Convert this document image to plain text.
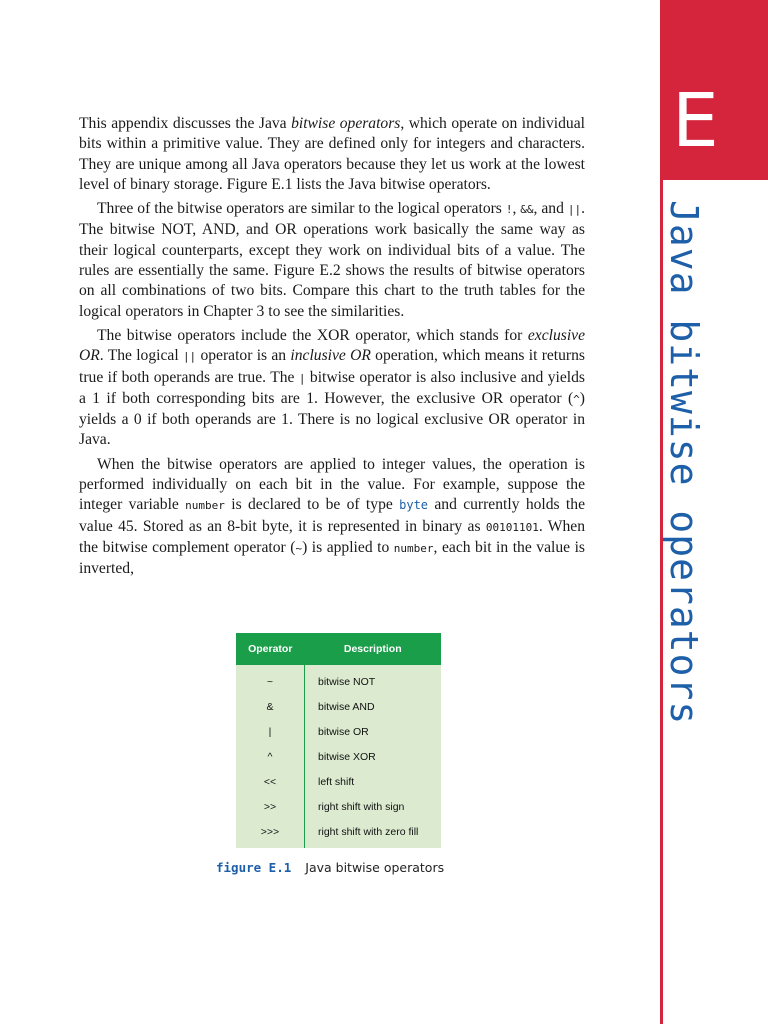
E
Java bitwise operators

This appendix discusses the Java bitwise operators, which operate on individual bits within a primitive value. They are defined only for integers and characters. They are unique among all Java operators because they let us work at the lowest level of binary storage. Figure E.1 lists the Java bitwise operators.

Three of the bitwise operators are similar to the logical operators !, &&, and ||. The bitwise NOT, AND, and OR operations work basically the same way as their logical counterparts, except they work on individual bits of a value. The rules are essentially the same. Figure E.2 shows the results of bitwise operators on all combinations of two bits. Compare this chart to the truth tables for the logical operators in Chapter 3 to see the similarities.

The bitwise operators include the XOR operator, which stands for exclusive OR. The logical || operator is an inclusive OR operation, which means it returns true if both operands are true. The | bitwise operator is also inclusive and yields a 1 if both corresponding bits are 1. However, the exclusive OR operator (^) yields a 0 if both operands are 1. There is no logical exclusive OR operator in Java.

When the bitwise operators are applied to integer values, the operation is performed individually on each bit in the value. For example, suppose the integer variable number is declared to be of type byte and currently holds the value 45. Stored as an 8-bit byte, it is represented in binary as 00101101. When the bitwise complement operator (~) is applied to number, each bit in the value is inverted,

Operator	Description
~	bitwise NOT
&	bitwise AND
|	bitwise OR
^	bitwise XOR
<<	left shift
>>	right shift with sign
>>>	right shift with zero fill
figure E.1 Java bitwise operators
